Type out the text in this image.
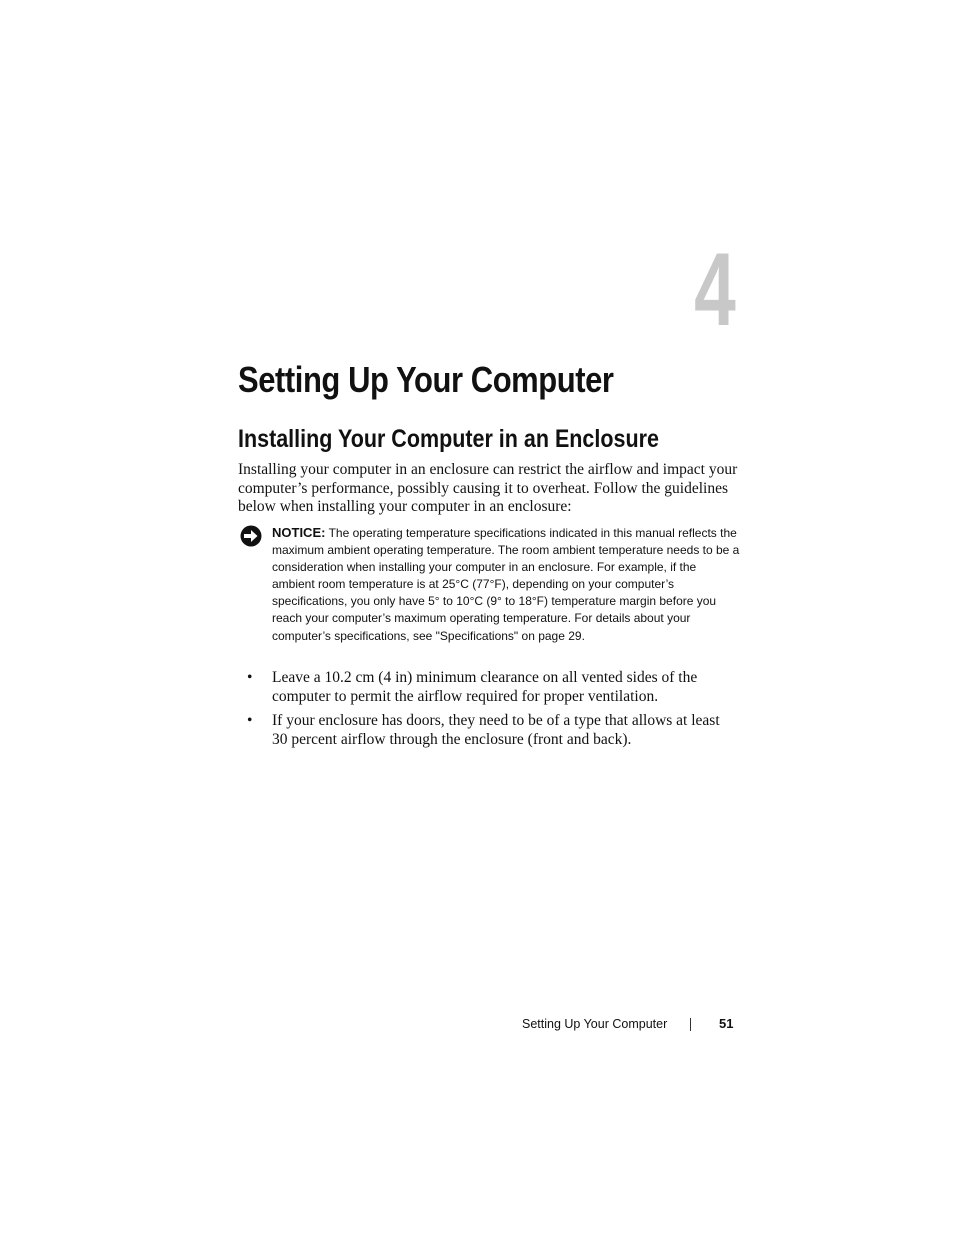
4
Setting Up Your Computer
Installing Your Computer in an Enclosure

Installing your computer in an enclosure can restrict the airflow and impact your computer’s performance, possibly causing it to overheat. Follow the guidelines below when installing your computer in an enclosure:

NOTICE: The operating temperature specifications indicated in this manual reflects the maximum ambient operating temperature. The room ambient temperature needs to be a consideration when installing your computer in an enclosure. For example, if the ambient room temperature is at 25°C (77°F), depending on your computer’s specifications, you only have 5° to 10°C (9° to 18°F) temperature margin before you reach your computer’s maximum operating temperature. For details about your computer’s specifications, see "Specifications" on page 29.

• Leave a 10.2 cm (4 in) minimum clearance on all vented sides of the computer to permit the airflow required for proper ventilation.
• If your enclosure has doors, they need to be of a type that allows at least 30 percent airflow through the enclosure (front and back).
Setting Up Your Computer	51
